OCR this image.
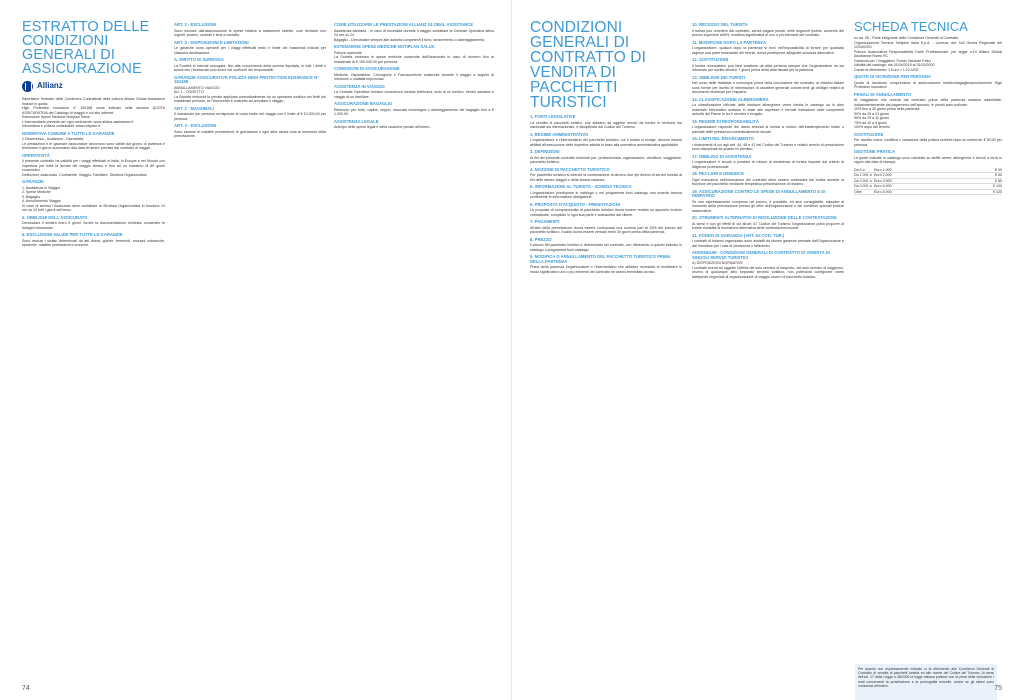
ESTRATTO DELLE CONDIZIONI GENERALI DI ASSICURAZIONE
Allianz
Riportiamo l'estratto delle Condizioni Contrattuali della polizza Allianz Global Assistance incluse in quota:
High Protection Insurance n° 194168 come indicato nella sezione QUOTA ASSICURATIVA del Catalogo di viaggio e sul sito internet.
Estensione Spese Mediche Notiplan Salus
L'Intermediario prevede per ogni contraente: www.allianz-assistance.it
Informativa e polizza consultabili: www.notiplan.it
NORMATIVA COMUNE A TUTTE LE GARANZIE
1 Decorrenza - Scadenza - Operatività
Le prestazioni e le garanzie assicurative decorrono sono valide dal giorno di partenza e terminano il giorno successivo alla data di rientro previsto dal contratto di viaggio.
OPERATIVITÀ
Il presente contratto ha validità per i viaggi effettuati in Italia, in Europa e nel Mondo con copertura per tutta la durata del viaggio stesso e fino ad un massimo di 60 giorni consecutivi.
Definizioni, Assicurato, Contraente, Viaggio, Familiare, Struttura Organizzativa.
GARANZIE
1. Assistenza in Viaggio
2. Spese Mediche
3. Bagaglio
4. Annullamento Viaggio
In caso di sinistro l'Assicurato deve contattare la Struttura Organizzativa in funzione 24 ore su 24 tutti i giorni dell'anno.
5. OBBLIGHI DELL'ASSICURATO
Denunciare il sinistro entro 5 giorni, fornire la documentazione richiesta, consentire le indagini necessarie.
6. ESCLUSIONI VALIDE PER TUTTE LE GARANZIE
Sono esclusi i sinistri determinati da atti dolosi, guerre, terremoti, eruzioni vulcaniche, epidemie, malattie preesistenti e croniche.
ART. 2 - ESCLUSIONI
Sono escluse dall'assicurazione le spese relative a trattamenti estetici, cure dentarie non urgenti, protesi, occhiali e lenti a contatto.
ART. 3 - DISPOSIZIONI E LIMITAZIONI
Le garanzie sono operanti per i viaggi effettuati entro il limite dei massimali indicati per ciascuna destinazione.
A. DIRITTO DI SURROGA
La Società si intende surrogata, fino alla concorrenza della somma liquidata, in tutti i diritti e azioni che l'Assicurato può avere nei confronti dei responsabili.
GARANZIE ASSICURATIVE POLIZZA HIGH PROTECTION INSURANCE N° 194168
ANNULLAMENTO VIAGGIO
Art. 1 - OGGETTO
La Società rimborsa la penale applicata contrattualmente da un operatore turistico nei limiti del massimale previsto, se l'Assicurato è costretto ad annullare il viaggio.
ART. 2 - MASSIMALI
Il massimale per persona corrisponde al costo totale del viaggio con il limite di € 10.000,00 per persona.
ART. 3 - ESCLUSIONI
Sono escluse le malattie preesistenti, le gravidanze e ogni altra causa nota al momento della prenotazione.
COME UTILIZZARE LE PRESTAZIONI ALLIANZ GLOBAL ASSISTANCE
Assistenza sanitaria - In caso di necessità durante il viaggio contattare la Centrale Operativa attiva 24 ore su 24.
Bagaglio - Denunciare sempre alle autorità competenti il furto, smarrimento o danneggiamento.
ESTENSIONE SPESE MEDICHE NOTIPLAN SALUS
Polizza opzionale
La Società rimborsa le spese mediche sostenute dall'Assicurato in caso di ricovero fino al massimale di € 100.000,00 per persona.
CONDIZIONI DI ASSICURAZIONE
Mediche, Ospedaliere, Chirurgiche e Farmaceutiche sostenute durante il viaggio a seguito di infortunio o malattia improvvisa.
ASSISTENZA IN VIAGGIO
La Centrale Operativa fornisce consulenza medica telefonica, invio di un medico, rientro sanitario e viaggio di un familiare.
ASSICURAZIONE BAGAGLIO
Rimborso per furto, rapina, scippo, mancata riconsegna o danneggiamento del bagaglio fino a € 1.000,00.
ASSISTENZA LEGALE
Anticipo delle spese legali e della cauzione penale all'estero.
74
CONDIZIONI GENERALI DI CONTRATTO DI VENDITA DI PACCHETTI TURISTICI
1. FONTI LEGISLATIVE
La vendita di pacchetti turistici, che abbiano ad oggetto servizi da fornire in territorio sia nazionale sia internazionale, è disciplinata dal Codice del Turismo.
2. REGIME AMMINISTRATIVO
L'organizzatore e l'intermediario del pacchetto turistico, cui il turista si rivolge, devono essere abilitati all'esecuzione delle rispettive attività in base alla normativa amministrativa applicabile.
3. DEFINIZIONI
Ai fini del presente contratto s'intende per: professionista, organizzatore, venditore, viaggiatore, pacchetto turistico.
4. NOZIONE DI PACCHETTO TURISTICO
Per pacchetto turistico si intende la combinazione di almeno due tipi diversi di servizi turistici ai fini dello stesso viaggio o della stessa vacanza.
5. INFORMAZIONI AL TURISTA - SCHEDA TECNICA
L'organizzatore predispone in catalogo o nel programma fuori catalogo una scheda tecnica contenente le informazioni obbligatorie.
6. PROPOSTA D'ACQUISTO - PRENOTAZIONI
La proposta di compravendita di pacchetto turistico dovrà essere redatta su apposito modulo contrattuale, compilato in ogni sua parte e sottoscritto dal cliente.
7. PAGAMENTI
All'atto della prenotazione dovrà essere corrisposta una somma pari al 25% del prezzo del pacchetto turistico; il saldo dovrà essere versato entro 30 giorni prima della partenza.
8. PREZZO
Il prezzo del pacchetto turistico è determinato nel contratto, con riferimento a quanto indicato in catalogo o programma fuori catalogo.
9. MODIFICA O ANNULLAMENTO DEL PACCHETTO TURISTICO PRIMA DELLA PARTENZA
Prima della partenza l'organizzatore o l'intermediario che abbiano necessità di modificare in modo significativo uno o più elementi del contratto ne danno immediato avviso.
10. RECESSO DEL TURISTA
Il turista può recedere dal contratto, senza pagare penali, nelle seguenti ipotesi: aumento del prezzo superiore all'8%, modifica significativa di uno o più elementi del contratto.
11. MODIFICHE DOPO LA PARTENZA
L'organizzatore, qualora dopo la partenza si trovi nell'impossibilità di fornire per qualsiasi ragione una parte essenziale dei servizi, dovrà predisporre adeguate soluzioni alternative.
12. SOSTITUZIONI
Il turista rinunciatario può farsi sostituire da altra persona sempre che l'organizzatore ne sia informato per iscritto almeno 7 giorni prima della data fissata per la partenza.
13. OBBLIGHI DEI TURISTI
Nel corso delle trattative e comunque prima della conclusione del contratto, ai cittadini italiani sono fornite per iscritto le informazioni di carattere generale concernenti gli obblighi relativi ai documenti necessari per l'espatrio.
14. CLASSIFICAZIONE ALBERGHIERA
La classificazione ufficiale delle strutture alberghiere viene fornita in catalogo od in altro materiale informativo soltanto in base alle espresse e formali indicazioni delle competenti autorità del Paese in cui il servizio è erogato.
15. REGIME DI RESPONSABILITÀ
L'organizzatore risponde dei danni arrecati al turista a motivo dell'inadempimento totale o parziale delle prestazioni contrattualmente dovute.
16. LIMITI DEL RISARCIMENTO
I risarcimenti di cui agli artt. 44, 45 e 47 del Codice del Turismo e relativi termini di prescrizione sono disciplinati da quanto ivi previsto.
17. OBBLIGO DI ASSISTENZA
L'organizzatore è tenuto a prestare le misure di assistenza al turista imposte dal criterio di diligenza professionale.
18. RECLAMI E DENUNCE
Ogni mancanza nell'esecuzione del contratto deve essere contestata dal turista durante la fruizione del pacchetto mediante tempestiva presentazione di reclamo.
19. ASSICURAZIONE CONTRO LE SPESE DI ANNULLAMENTO E DI RIMPATRIO
Se non espressamente comprese nel prezzo, è possibile, ed anzi consigliabile, stipulare al momento della prenotazione presso gli uffici dell'organizzatore o del venditore speciali polizze assicurative.
20. STRUMENTI ALTERNATIVI DI RISOLUZIONE DELLE CONTESTAZIONI
Ai sensi e con gli effetti di cui all'art. 67 Codice del Turismo l'organizzatore potrà proporre al turista modalità di risoluzione alternativa delle contestazioni insorte.
21. FONDO DI GARANZIA (ART. 51 COD. TUR.)
I contratti di turismo organizzato sono assistiti da idonee garanzie prestate dall'Organizzatore e dal Venditore per i casi di insolvenza o fallimento.
ADDENDUM - CONDIZIONI GENERALI DI CONTRATTO DI VENDITA DI SINGOLI SERVIZI TURISTICI
A) DISPOSIZIONI NORMATIVE
I contratti aventi ad oggetto l'offerta del solo servizio di trasporto, del solo servizio di soggiorno, ovvero di qualunque altro separato servizio turistico, non potendosi configurare come fattispecie negoziale di organizzazione di viaggio ovvero di pacchetto turistico.
SCHEDA TECNICA
ex art. 05 - Parte integrante delle Condizioni Generali di Contratto
Organizzazione Tecnica: Notiplan Italia S.p.A. - Licenza: det. N.8 Giunta Regionale del 12/04/2001
Polizza Assicurativa Responsabilità Civile Professionale: per legge n.10 Allianz Global Assistance Ramo RC
Garanzia per i Viaggiatori: Fondo Vacanze Felici
Validità del catalogo: dal 01/04/2019 al 31/03/2020
Cambi di riferimento: 1 Euro = 1,12 USD
QUOTE DI ISCRIZIONE PER PERSONA
Quota di iscrizione comprensiva di assicurazione medico/bagaglio/annullamento High Protection Insurance
PENALI DI ANNULLAMENTO
Al viaggiatore che receda dal contratto prima della partenza saranno addebitate, indipendentemente dal pagamento dell'acconto, le penali sotto indicate:
10% fino a 30 giorni prima della partenza
30% da 29 a 21 giorni
50% da 20 a 11 giorni
75% da 10 a 3 giorni
100% dopo tali termini
SOSTITUZIONI
Per cambio nome, modifica o variazione della pratica richiesti dopo la conferma: € 50,00 per persona.
GESTIONE PRATICA
Le quote indicate in catalogo sono calcolate su tariffe aeree, alberghiere e servizi a terra in vigore alla data di stampa.
Da 0 a	Euro 1.000	€ 40
Da 1.001 a Euro 2.000	€ 60
Da 2.001 a Euro 3.000	€ 80
Da 3.001 a Euro 5.000	€ 100
Oltre	Euro 5.000	€ 130
Per quanto non espressamente indicato si fa riferimento alle Condizioni Generali di Contratto di vendita di pacchetti turistici ed alle norme del Codice del Turismo. Ai sensi dell'art. 17 della Legge n.38/2006 la legge italiana punisce con la pena della reclusione i reati concernenti la prostituzione e la pornografia minorile, anche se gli stessi sono commessi all'estero.	75
